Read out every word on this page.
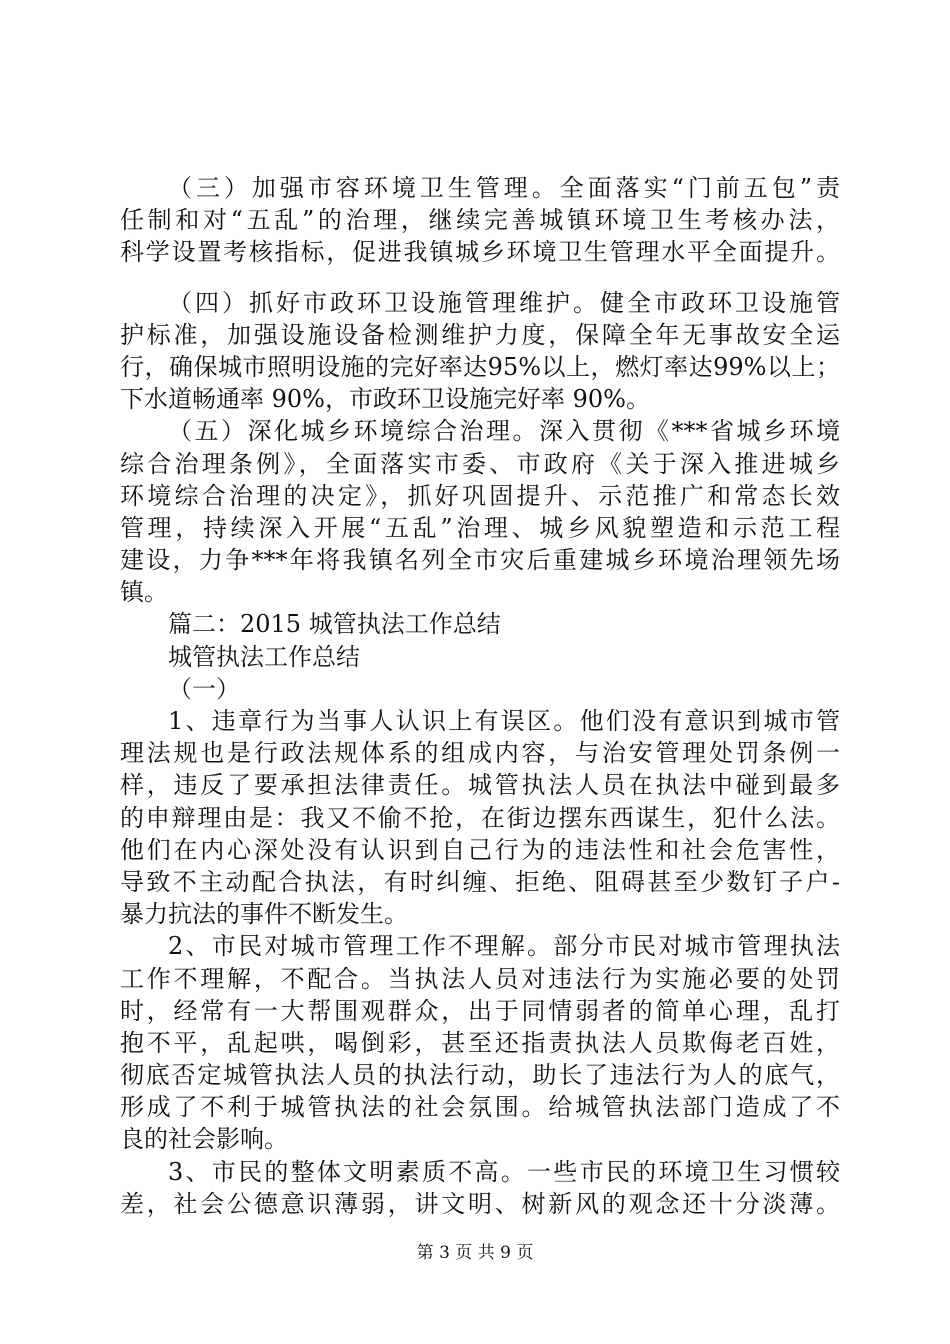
（三）加强市容环境卫生管理。全面落实“门前五包”责
任制和对“五乱”的治理，继续完善城镇环境卫生考核办法，
科学设置考核指标，促进我镇城乡环境卫生管理水平全面提升。
（四）抓好市政环卫设施管理维护。健全市政环卫设施管
护标准，加强设施设备检测维护力度，保障全年无事故安全运
行，确保城市照明设施的完好率达95%以上，燃灯率达99%以上；
下水道畅通率 90%，市政环卫设施完好率 90%。
（五）深化城乡环境综合治理。深入贯彻《***省城乡环境
综合治理条例》，全面落实市委、市政府《关于深入推进城乡
环境综合治理的决定》，抓好巩固提升、示范推广和常态长效
管理，持续深入开展“五乱”治理、城乡风貌塑造和示范工程
建设，力争***年将我镇名列全市灾后重建城乡环境治理领先场
镇。
篇二：2015 城管执法工作总结
城管执法工作总结
（一）
1、违章行为当事人认识上有误区。他们没有意识到城市管
理法规也是行政法规体系的组成内容，与治安管理处罚条例一
样，违反了要承担法律责任。城管执法人员在执法中碰到最多
的申辩理由是：我又不偷不抢，在街边摆东西谋生，犯什么法。
他们在内心深处没有认识到自己行为的违法性和社会危害性，
导致不主动配合执法，有时纠缠、拒绝、阻碍甚至少数钉子户-
暴力抗法的事件不断发生。
2、市民对城市管理工作不理解。部分市民对城市管理执法
工作不理解，不配合。当执法人员对违法行为实施必要的处罚
时，经常有一大帮围观群众，出于同情弱者的简单心理，乱打
抱不平，乱起哄，喝倒彩，甚至还指责执法人员欺侮老百姓，
彻底否定城管执法人员的执法行动，助长了违法行为人的底气，
形成了不利于城管执法的社会氛围。给城管执法部门造成了不
良的社会影响。
3、市民的整体文明素质不高。一些市民的环境卫生习惯较
差，社会公德意识薄弱，讲文明、树新风的观念还十分淡薄。
第 3 页 共 9 页
